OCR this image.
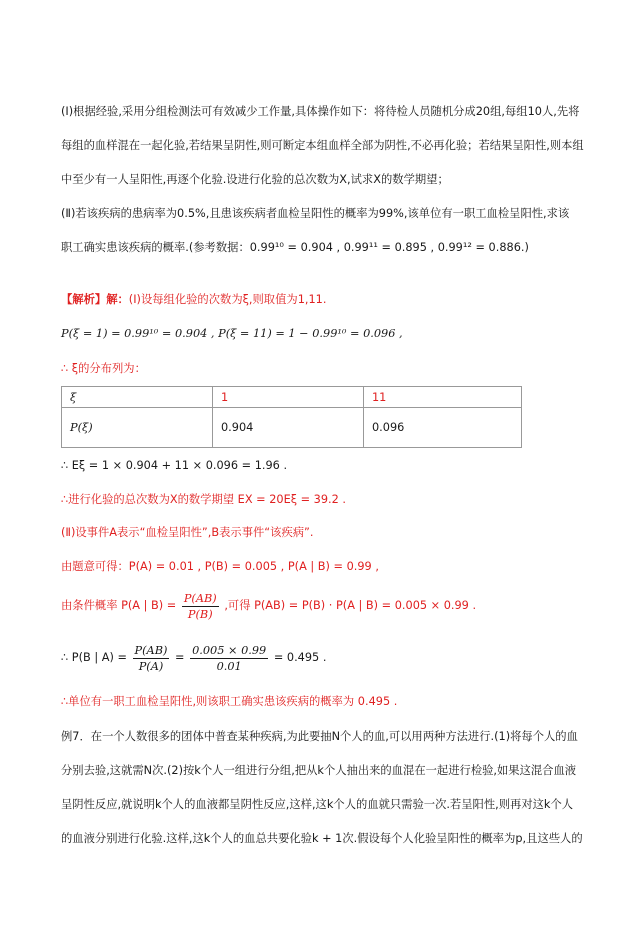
(Ⅰ)根据经验,采用分组检测法可有效减少工作量,具体操作如下：将待检人员随机分成20组,每组10人,先将
每组的血样混在一起化验,若结果呈阴性,则可断定本组血样全部为阴性,不必再化验；若结果呈阳性,则本组
中至少有一人呈阳性,再逐个化验.设进行化验的总次数为X,试求X的数学期望；
(Ⅱ)若该疾病的患病率为0.5%,且患该疾病者血检呈阳性的概率为99%,该单位有一职工血检呈阳性,求该
职工确实患该疾病的概率.(参考数据：0.99¹⁰ = 0.904 , 0.99¹¹ = 0.895 , 0.99¹² = 0.886.)
【解析】解：(Ⅰ)设每组化验的次数为ξ,则取值为1,11.
P(ξ = 1) = 0.99¹⁰ = 0.904 , P(ξ = 11) = 1 − 0.99¹⁰ = 0.096 ,
∴ ξ的分布列为：
ξ	1	11
P(ξ)	0.904	0.096
∴ Eξ = 1 × 0.904 + 11 × 0.096 = 1.96 .
∴进行化验的总次数为X的数学期望 EX = 20Eξ = 39.2 .
(Ⅱ)设事件A表示“血检呈阳性”,B表示事件“该疾病”.
由题意可得：P(A) = 0.01 , P(B) = 0.005 , P(A | B) = 0.99 ,
由条件概率 P(A | $B) = \frac{P(AB)}{P(B)}$ ,可得 P(AB) = P(B) · P(A | B) = 0.005 × 0.99 .
∴ P(B | $A) = \frac{P(AB)}{P(A)} = \frac{0.005 \times 0.99}{0.01} = 0.495$ .
∴单位有一职工血检呈阳性,则该职工确实患该疾病的概率为 0.495 .
例7．在一个人数很多的团体中普查某种疾病,为此要抽N个人的血,可以用两种方法进行.(1)将每个人的血
分别去验,这就需N次.(2)按k个人一组进行分组,把从k个人抽出来的血混在一起进行检验,如果这混合血液
呈阴性反应,就说明k个人的血液都呈阴性反应,这样,这k个人的血就只需验一次.若呈阳性,则再对这k个人
的血液分别进行化验.这样,这k个人的血总共要化验k + 1次.假设每个人化验呈阳性的概率为p,且这些人的
